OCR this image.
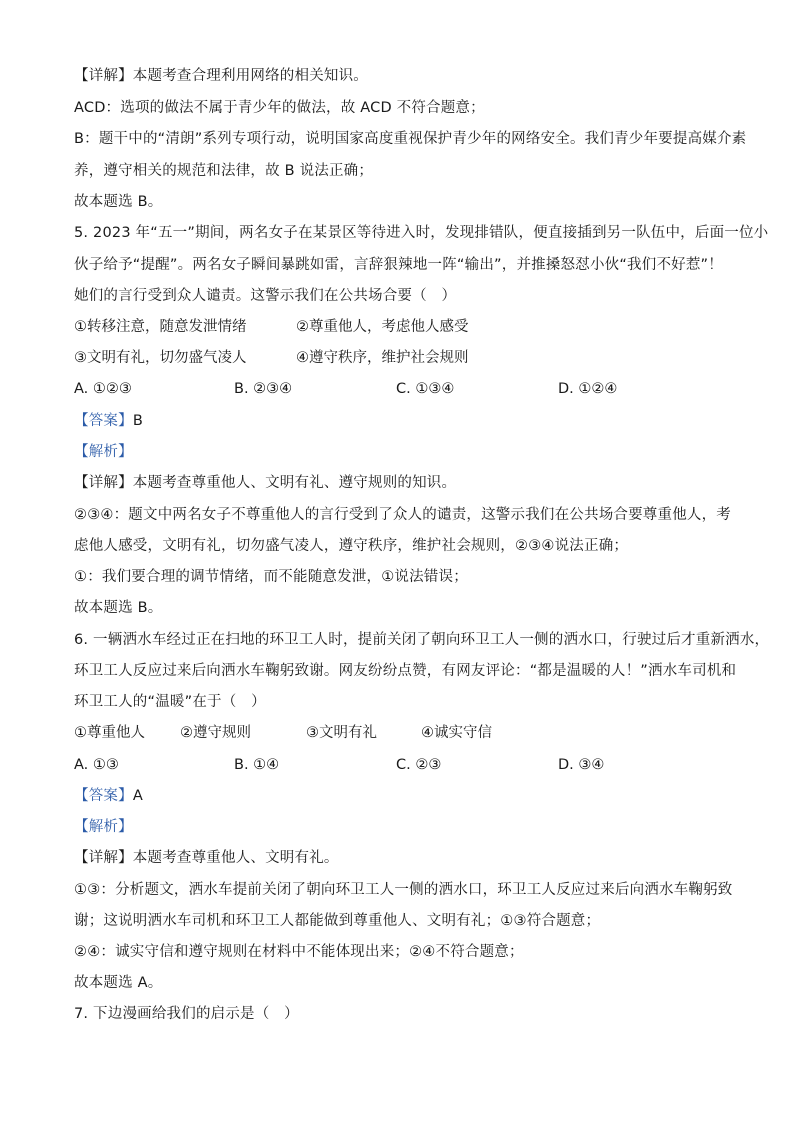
【详解】本题考查合理利用网络的相关知识。
ACD：选项的做法不属于青少年的做法，故 ACD 不符合题意；
B：题干中的“清朗”系列专项行动，说明国家高度重视保护青少年的网络安全。我们青少年要提高媒介素
养，遵守相关的规范和法律，故 B 说法正确；
故本题选 B。
5. 2023 年“五一”期间，两名女子在某景区等待进入时，发现排错队，便直接插到另一队伍中，后面一位小
伙子给予“提醒”。两名女子瞬间暴跳如雷，言辞狠辣地一阵“输出”，并推搡怒怼小伙“我们不好惹”！
她们的言行受到众人谴责。这警示我们在公共场合要（　）
①转移注意，随意发泄情绪	②尊重他人，考虑他人感受
③文明有礼，切勿盛气凌人	④遵守秩序，维护社会规则
A. ①②③	B. ②③④	C. ①③④	D. ①②④
【答案】B
【解析】
【详解】本题考查尊重他人、文明有礼、遵守规则的知识。
②③④：题文中两名女子不尊重他人的言行受到了众人的谴责，这警示我们在公共场合要尊重他人，考
虑他人感受，文明有礼，切勿盛气凌人，遵守秩序，维护社会规则，②③④说法正确；
①：我们要合理的调节情绪，而不能随意发泄，①说法错误；
故本题选 B。
6. 一辆洒水车经过正在扫地的环卫工人时，提前关闭了朝向环卫工人一侧的洒水口，行驶过后才重新洒水，
环卫工人反应过来后向洒水车鞠躬致谢。网友纷纷点赞，有网友评论：“都是温暖的人！”洒水车司机和
环卫工人的“温暖”在于（　）
①尊重他人 ②遵守规则	③文明有礼	④诚实守信
A. ①③	B. ①④	C. ②③	D. ③④
【答案】A
【解析】
【详解】本题考查尊重他人、文明有礼。
①③：分析题文，洒水车提前关闭了朝向环卫工人一侧的洒水口，环卫工人反应过来后向洒水车鞠躬致
谢；这说明洒水车司机和环卫工人都能做到尊重他人、文明有礼；①③符合题意；
②④：诚实守信和遵守规则在材料中不能体现出来；②④不符合题意；
故本题选 A。
7. 下边漫画给我们的启示是（　）
